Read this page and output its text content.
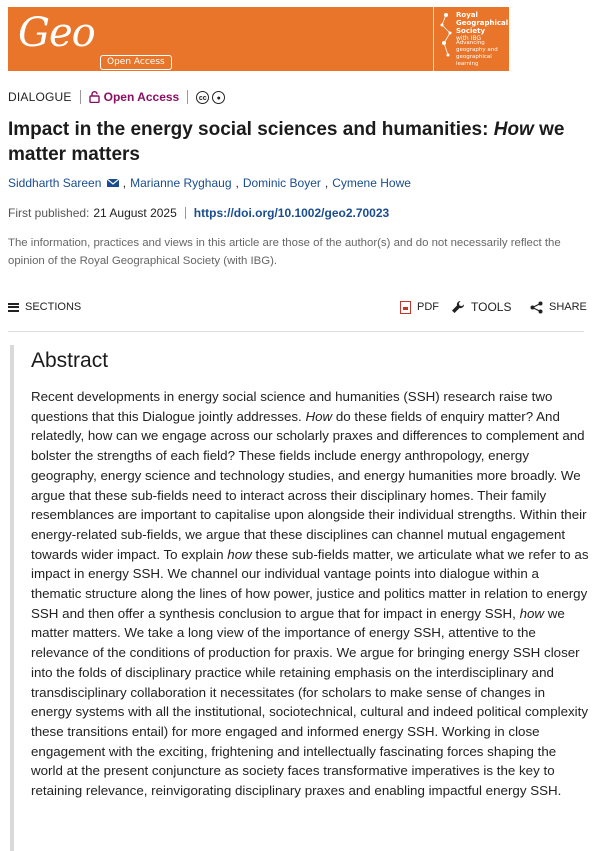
Geo
Open Access
Royal Geographical Society
with IBG
Advancing geography and geographical learning
DIALOGUE	Open Access	cc	●
Impact in the energy social sciences and humanities: How we matter matters
Siddharth Sareen	, Marianne Ryghaug , Dominic Boyer , Cymene Howe
First published: 21 August 2025 https://doi.org/10.1002/geo2.70023
The information, practices and views in this article are those of the author(s) and do not necessarily reflect the opinion of the Royal Geographical Society (with IBG).
SECTIONS	PDF	TOOLS	SHARE
Abstract

Recent developments in energy social science and humanities (SSH) research raise two questions that this Dialogue jointly addresses. How do these fields of enquiry matter? And relatedly, how can we engage across our scholarly praxes and differences to complement and bolster the strengths of each field? These fields include energy anthropology, energy geography, energy science and technology studies, and energy humanities more broadly. We argue that these sub-fields need to interact across their disciplinary homes. Their family resemblances are important to capitalise upon alongside their individual strengths. Within their energy-related sub-fields, we argue that these disciplines can channel mutual engagement towards wider impact. To explain how these sub-fields matter, we articulate what we refer to as impact in energy SSH. We channel our individual vantage points into dialogue within a thematic structure along the lines of how power, justice and politics matter in relation to energy SSH and then offer a synthesis conclusion to argue that for impact in energy SSH, how we matter matters. We take a long view of the importance of energy SSH, attentive to the relevance of the conditions of production for praxis. We argue for bringing energy SSH closer into the folds of disciplinary practice while retaining emphasis on the interdisciplinary and transdisciplinary collaboration it necessitates (for scholars to make sense of changes in energy systems with all the institutional, sociotechnical, cultural and indeed political complexity these transitions entail) for more engaged and informed energy SSH. Working in close engagement with the exciting, frightening and intellectually fascinating forces shaping the world at the present conjuncture as society faces transformative imperatives is the key to retaining relevance, reinvigorating disciplinary praxes and enabling impactful energy SSH.
